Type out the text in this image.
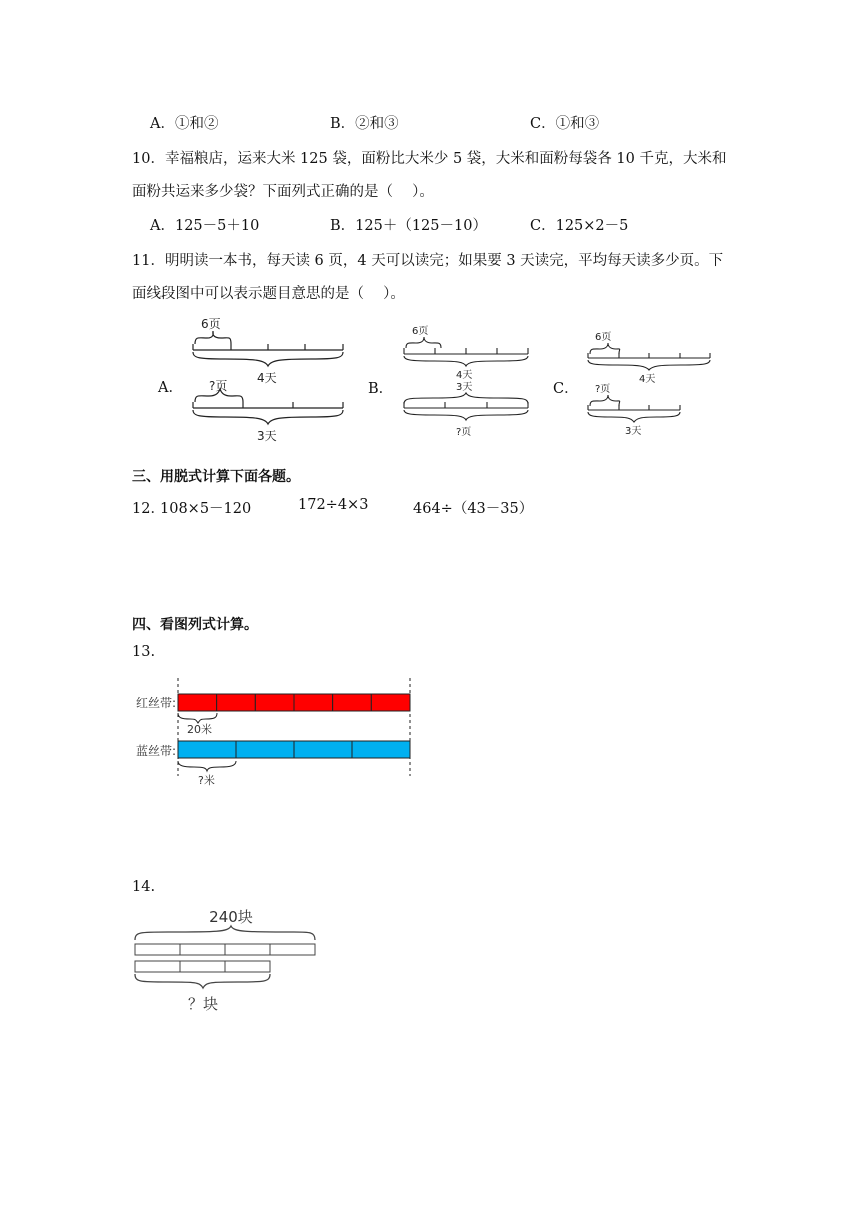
A．①和②	B．②和③	C．①和③
10．幸福粮店，运来大米 125 袋，面粉比大米少 5 袋，大米和面粉每袋各 10 千克，大米和
面粉共运来多少袋？下面列式正确的是（　 ）。
A．125－5＋10	B．125＋（125－10）	C．125×2－5
11．明明读一本书，每天读 6 页，4 天可以读完；如果要 3 天读完，平均每天读多少页。下
面线段图中可以表示题目意思的是（　 ）。
A．	B．	C．
6页
4天
?页
3天
6页
4天
3天
?页
6页
4天
?页
3天
三、用脱式计算下面各题。
12．
108×5－120	172÷4×3	464÷（43－35）
四、看图列式计算。
13.
红丝带:
蓝丝带:
20米
?米
14.
240块
？块
